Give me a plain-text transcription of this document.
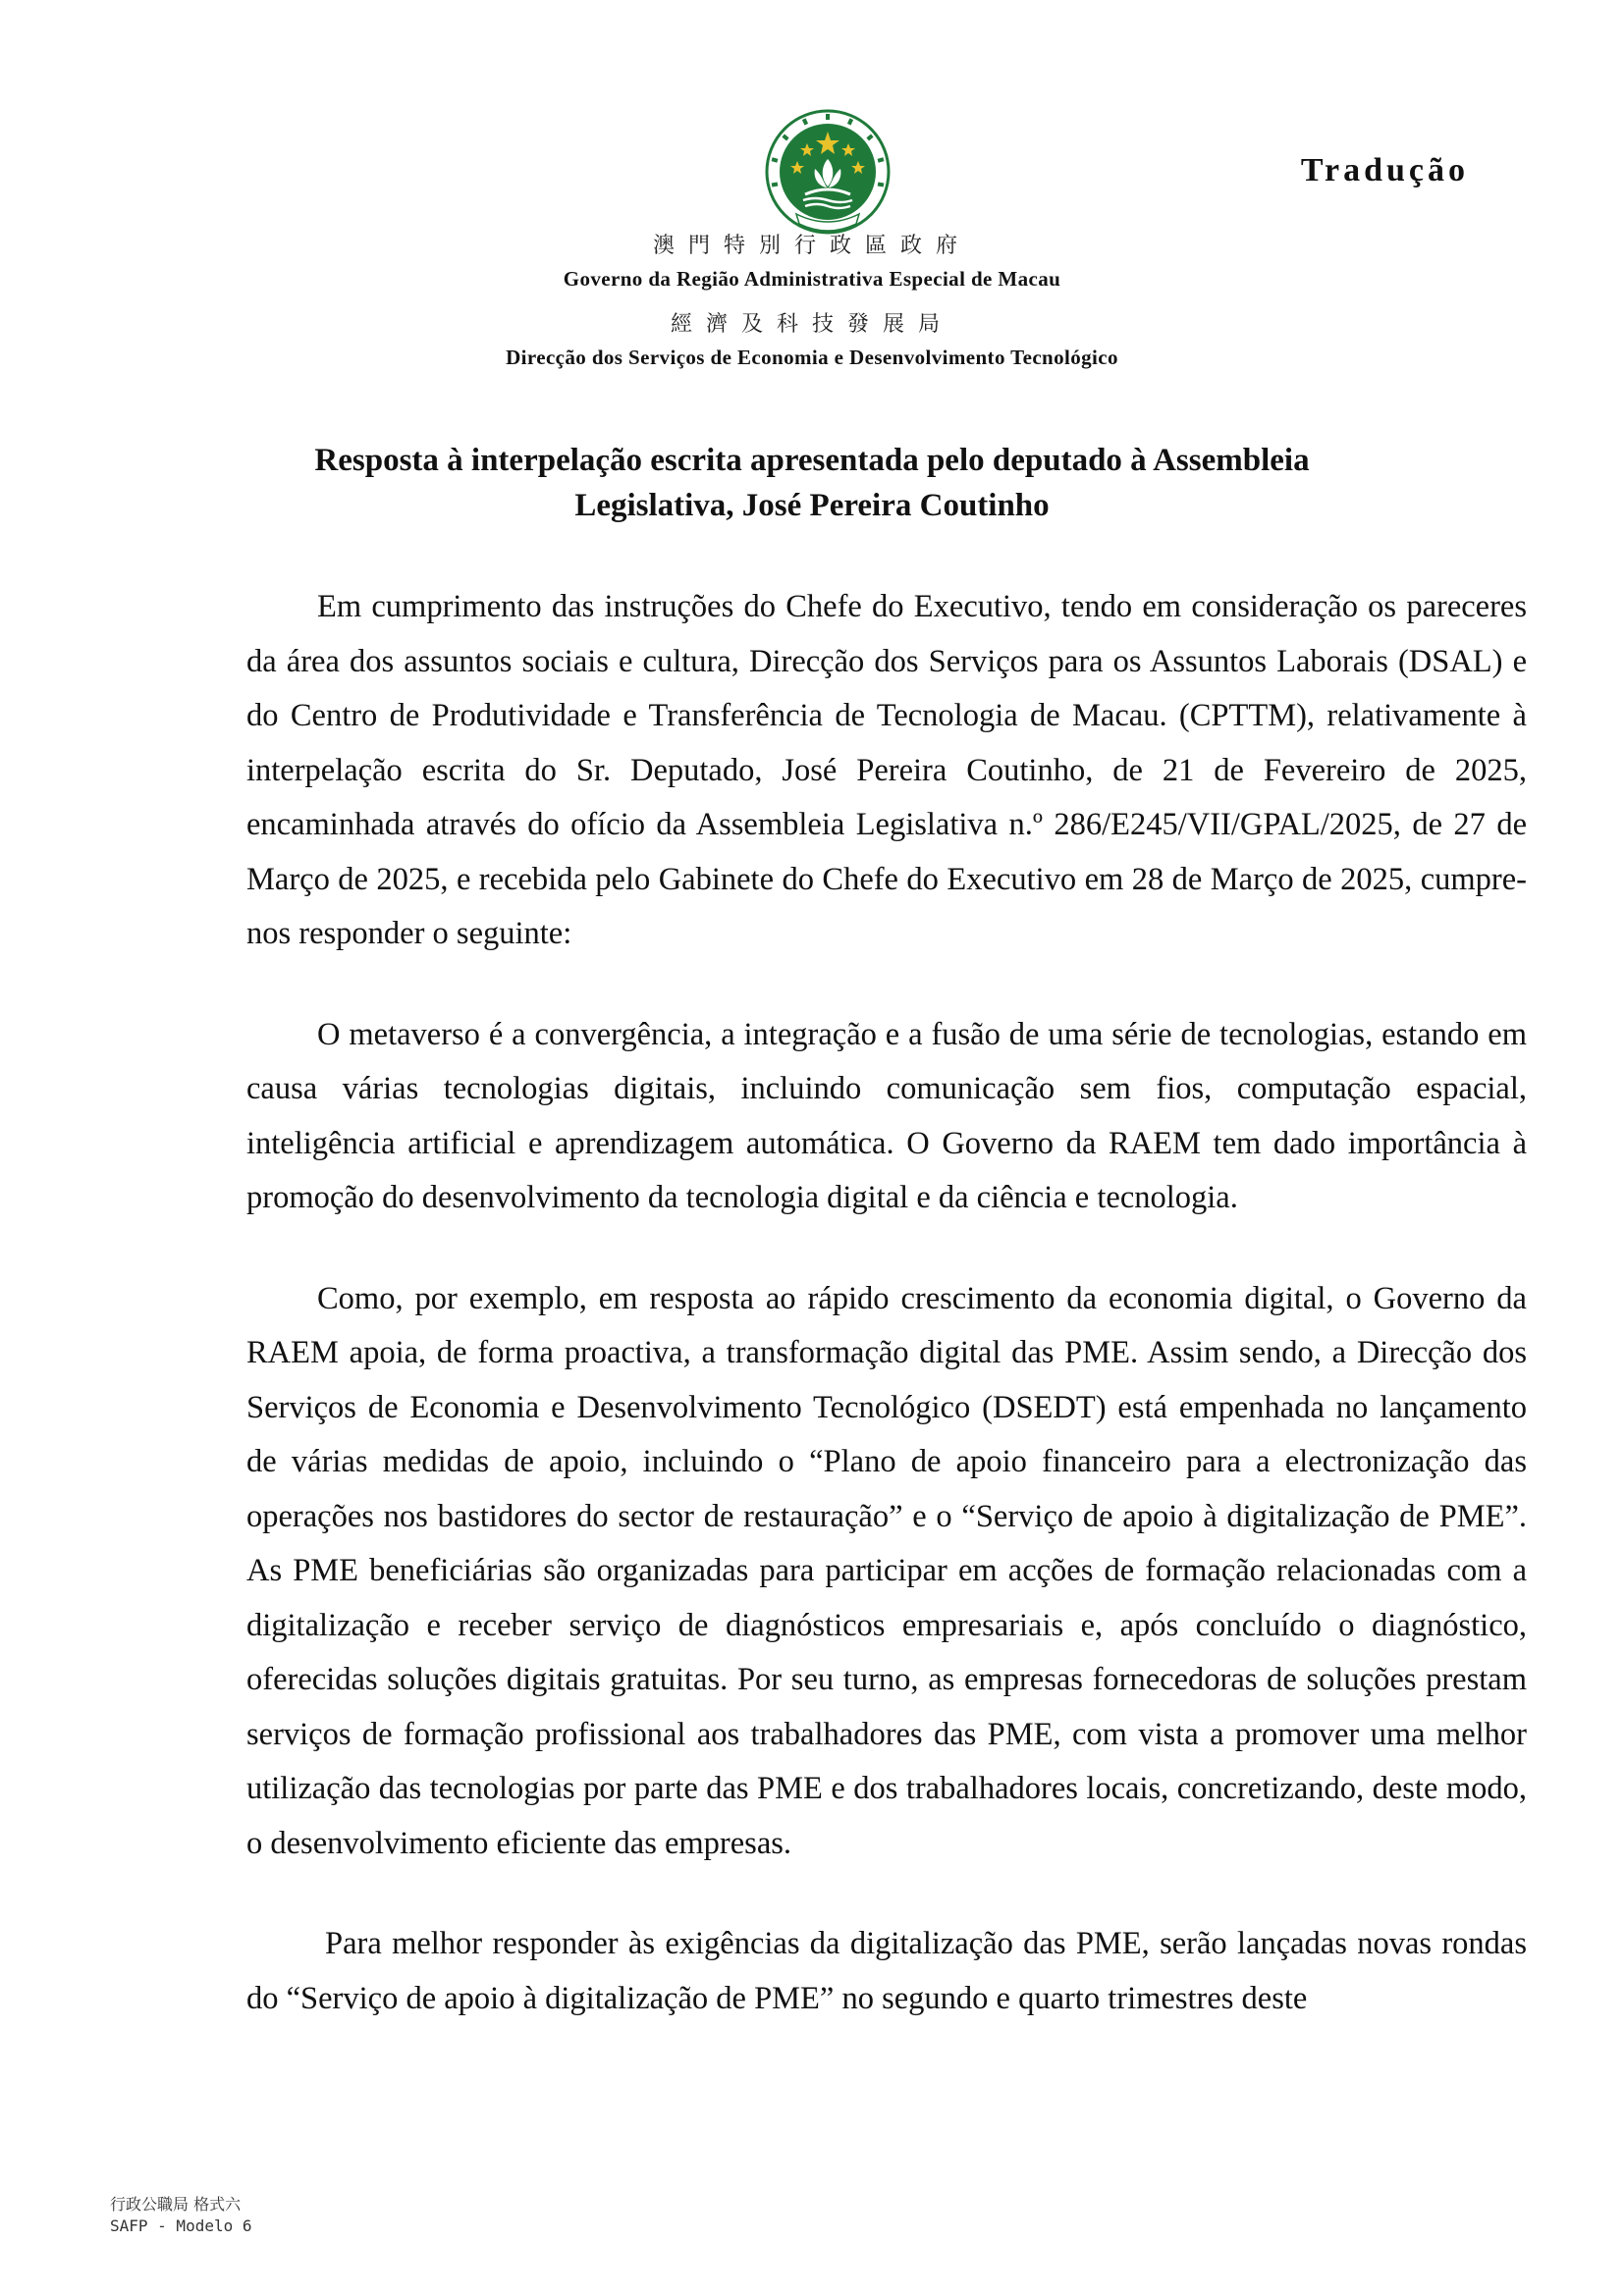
Tradução
澳門特別行政區政府
Governo da Região Administrativa Especial de Macau
經濟及科技發展局
Direcção dos Serviços de Economia e Desenvolvimento Tecnológico
Resposta à interpelação escrita apresentada pelo deputado à Assembleia
Legislativa, José Pereira Coutinho

Em cumprimento das instruções do Chefe do Executivo, tendo em consideração os pareceres da área dos assuntos sociais e cultura, Direcção dos Serviços para os Assuntos Laborais (DSAL) e do Centro de Produtividade e Transferência de Tecnologia de Macau. (CPTTM), relativamente à interpelação escrita do Sr. Deputado, José Pereira Coutinho, de 21 de Fevereiro de 2025, encaminhada através do ofício da Assembleia Legislativa n.º 286/E245/VII/GPAL/2025, de 27 de Março de 2025, e recebida pelo Gabinete do Chefe do Executivo em 28 de Março de 2025, cumpre-nos responder o seguinte:

O metaverso é a convergência, a integração e a fusão de uma série de tecnologias, estando em causa várias tecnologias digitais, incluindo comunicação sem fios, computação espacial, inteligência artificial e aprendizagem automática. O Governo da RAEM tem dado importância à promoção do desenvolvimento da tecnologia digital e da ciência e tecnologia.

Como, por exemplo, em resposta ao rápido crescimento da economia digital, o Governo da RAEM apoia, de forma proactiva, a transformação digital das PME. Assim sendo, a Direcção dos Serviços de Economia e Desenvolvimento Tecnológico (DSEDT) está empenhada no lançamento de várias medidas de apoio, incluindo o “Plano de apoio financeiro para a electronização das operações nos bastidores do sector de restauração” e o “Serviço de apoio à digitalização de PME”. As PME beneficiárias são organizadas para participar em acções de formação relacionadas com a digitalização e receber serviço de diagnósticos empresariais e, após concluído o diagnóstico, oferecidas soluções digitais gratuitas. Por seu turno, as empresas fornecedoras de soluções prestam serviços de formação profissional aos trabalhadores das PME, com vista a promover uma melhor utilização das tecnologias por parte das PME e dos trabalhadores locais, concretizando, deste modo, o desenvolvimento eficiente das empresas.

Para melhor responder às exigências da digitalização das PME, serão lançadas novas rondas do “Serviço de apoio à digitalização de PME” no segundo e quarto trimestres deste

行政公職局 格式六
SAFP - Modelo 6
